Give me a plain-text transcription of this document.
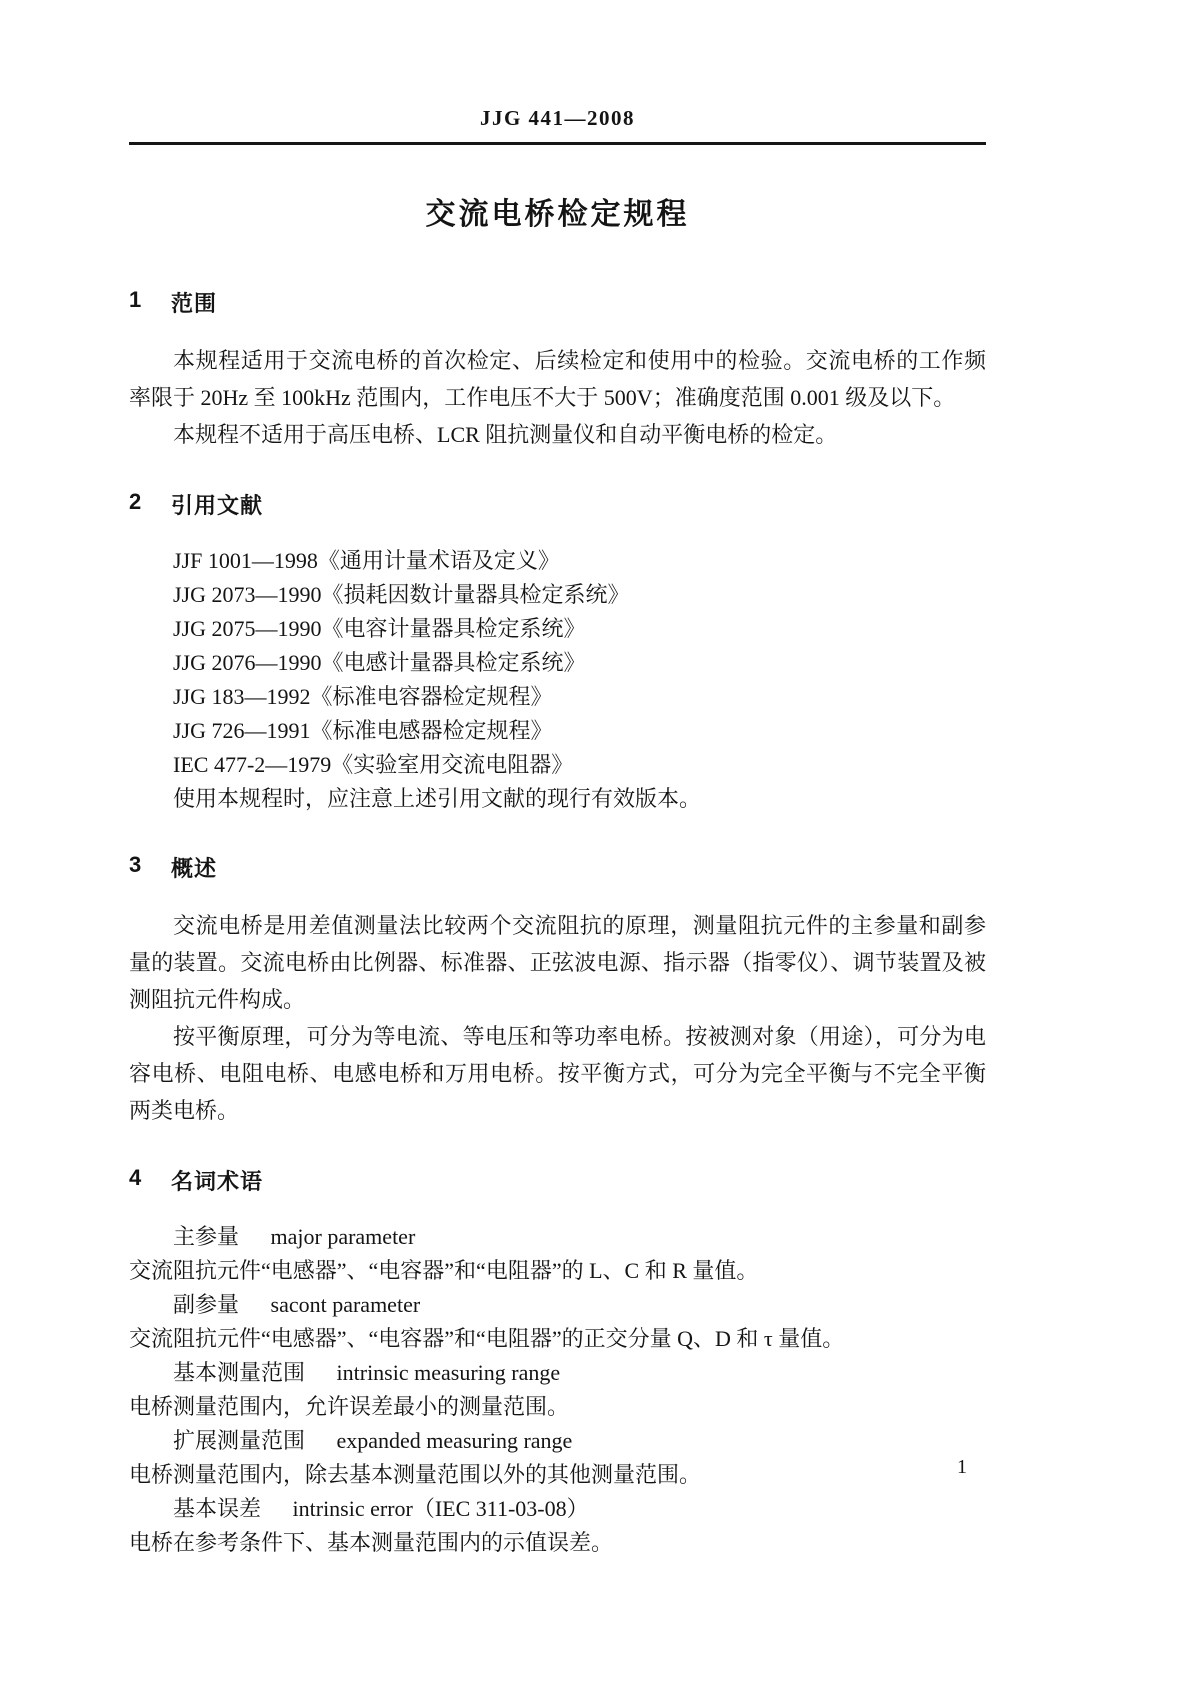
JJG 441—2008
交流电桥检定规程
1	范围

本规程适用于交流电桥的首次检定、后续检定和使用中的检验。交流电桥的工作频率限于 20Hz 至 100kHz 范围内，工作电压不大于 500V；准确度范围 0.001 级及以下。

本规程不适用于高压电桥、LCR 阻抗测量仪和自动平衡电桥的检定。

2	引用文献

JJF 1001—1998《通用计量术语及定义》

JJG 2073—1990《损耗因数计量器具检定系统》

JJG 2075—1990《电容计量器具检定系统》

JJG 2076—1990《电感计量器具检定系统》

JJG 183—1992《标准电容器检定规程》

JJG 726—1991《标准电感器检定规程》

IEC 477-2—1979《实验室用交流电阻器》

使用本规程时，应注意上述引用文献的现行有效版本。

3	概述

交流电桥是用差值测量法比较两个交流阻抗的原理，测量阻抗元件的主参量和副参量的装置。交流电桥由比例器、标准器、正弦波电源、指示器（指零仪）、调节装置及被测阻抗元件构成。

按平衡原理，可分为等电流、等电压和等功率电桥。按被测对象（用途），可分为电容电桥、电阻电桥、电感电桥和万用电桥。按平衡方式，可分为完全平衡与不完全平衡两类电桥。

4	名词术语

主参量 major parameter

交流阻抗元件“电感器”、“电容器”和“电阻器”的 L、C 和 R 量值。

副参量 sacont parameter

交流阻抗元件“电感器”、“电容器”和“电阻器”的正交分量 Q、D 和 τ 量值。

基本测量范围 intrinsic measuring range

电桥测量范围内，允许误差最小的测量范围。

扩展测量范围 expanded measuring range

电桥测量范围内，除去基本测量范围以外的其他测量范围。

基本误差 intrinsic error（IEC 311-03-08）

电桥在参考条件下、基本测量范围内的示值误差。

1
